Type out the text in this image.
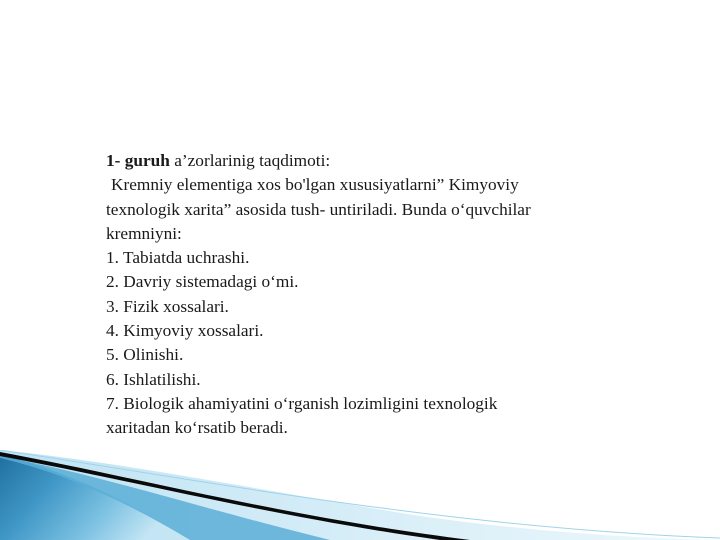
1- guruh a’zorlarinig taqdimoti:
Kremniy elementiga xos bo'lgan xususiyatlarni” Kimyoviy
texnologik xarita” asosida tush- untiriladi. Bunda o‘quvchilar
kremniyni:
1. Tabiatda uchrashi.
2. Davriy sistemadagi o‘mi.
3. Fizik xossalari.
4. Kimyoviy xossalari.
5. Olinishi.
6. Ishlatilishi.
7. Biologik ahamiyatini o‘rganish lozimligini texnologik
xaritadan ko‘rsatib beradi.
